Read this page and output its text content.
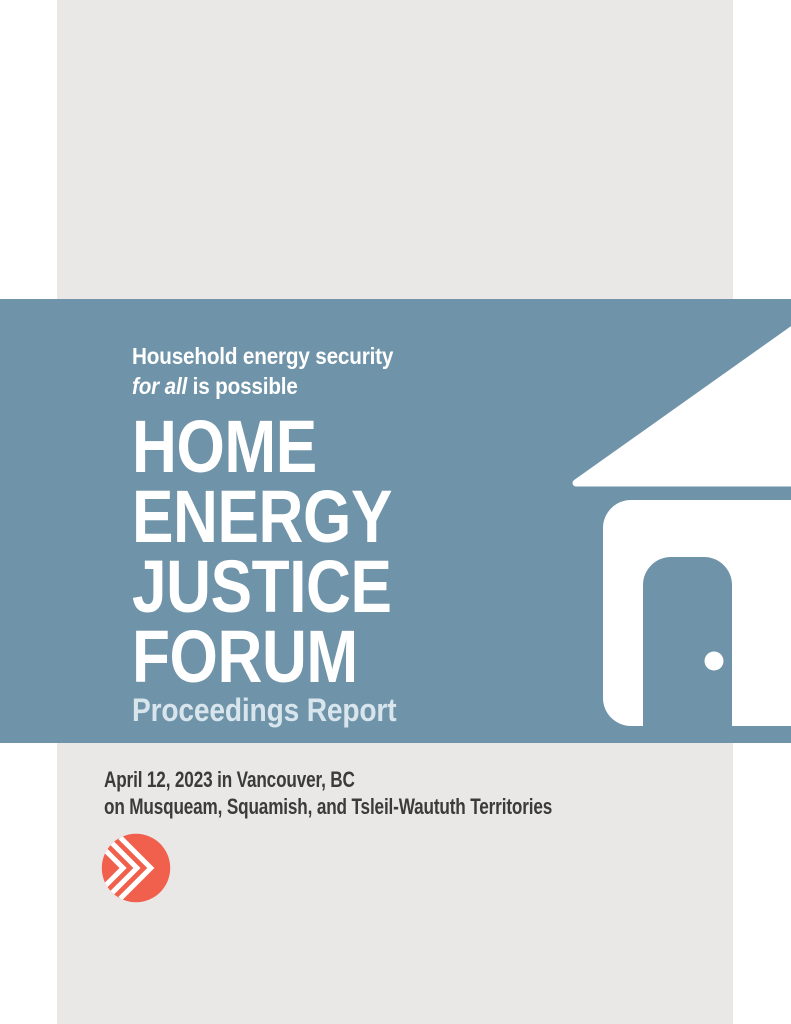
Household energy security
for all is possible
HOME
ENERGY
JUSTICE
FORUM
Proceedings Report
April 12, 2023 in Vancouver, BC
on Musqueam, Squamish, and Tsleil-Waututh Territories
